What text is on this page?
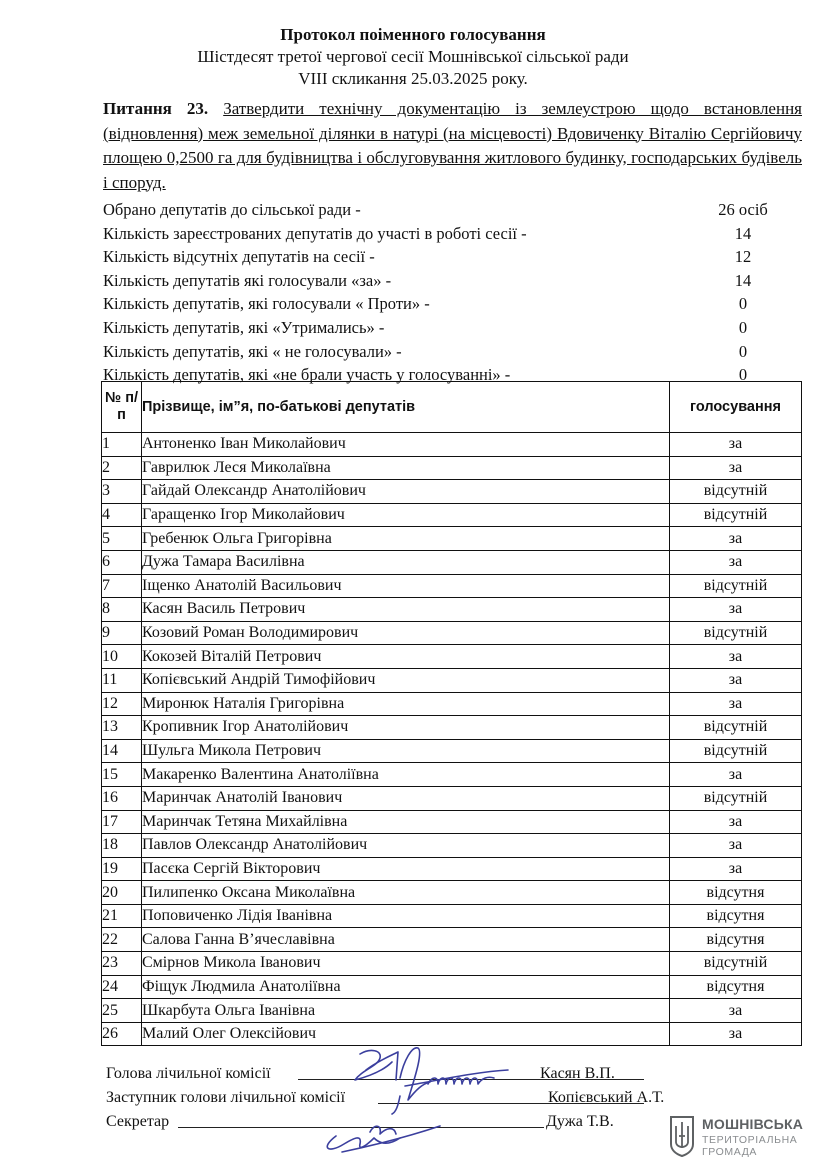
Протокол поіменного голосування
Шістдесят третої чергової сесії Мошнівської сільської ради
VIII скликання 25.03.2025 року.
Питання 23. Затвердити технічну документацію із землеустрою щодо встановлення (відновлення) меж земельної ділянки в натурі (на місцевості) Вдовиченку Віталію Сергійовичу площею 0,2500 га для будівництва і обслуговування житлового будинку, господарських будівель і споруд.
Обрано депутатів до сільської ради -	26 осіб
Кількість зареєстрованих депутатів до участі в роботі сесії -	14
Кількість відсутніх депутатів на сесії -	12
Кількість депутатів які голосували «за» -	14
Кількість депутатів, які голосували « Проти» -	0
Кількість депутатів, які «Утрималиcь» -	0
Кількість депутатів, які « не голосували» -	0
Кількість депутатів, які «не брали участь у голосуванні» -	0
№ п/п	Прізвище, ім”я, по-батькові депутатів	голосування
1	Антоненко Іван Миколайович	за
2	Гаврилюк Леся Миколаївна	за
3	Гайдай Олександр Анатолійович	відсутній
4	Гаращенко Ігор Миколайович	відсутній
5	Гребенюк Ольга Григорівна	за
6	Дужа Тамара Василівна	за
7	Іщенко Анатолій Васильович	відсутній
8	Касян Василь Петрович	за
9	Козовий Роман Володимирович	відсутній
10	Кокозей Віталій Петрович	за
11	Копієвський Андрій Тимофійович	за
12	Миронюк Наталія Григорівна	за
13	Кропивник Ігор Анатолійович	відсутній
14	Шульга Микола Петрович	відсутній
15	Макаренко Валентина Анатоліївна	за
16	Маринчак Анатолій Іванович	відсутній
17	Маринчак Тетяна Михайлівна	за
18	Павлов Олександр Анатолійович	за
19	Пасєка Сергій Вікторович	за
20	Пилипенко Оксана Миколаївна	відсутня
21	Поповиченко Лідія Іванівна	відсутня
22	Салова Ганна В’ячеславівна	відсутня
23	Смірнов Микола Іванович	відсутній
24	Фіщук Людмила Анатоліївна	відсутня
25	Шкарбута Ольга Іванівна	за
26	Малий Олег Олексійович	за
Голова лічильної комісії	Касян В.П.
Заступник голови лічильної комісії	Копієвський А.Т.
Секретар	Дужа Т.В.	МОШНІВСЬКА
ТЕРИТОРІАЛЬНА
ГРОМАДА
